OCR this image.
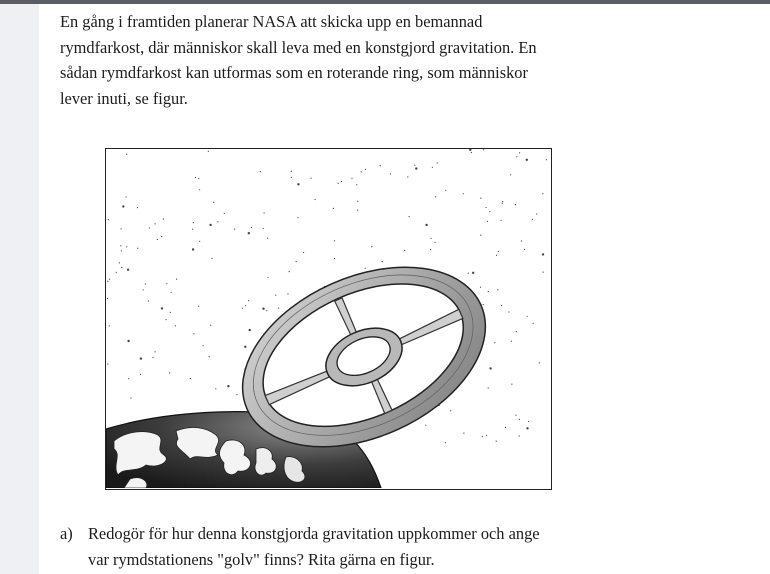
En gång i framtiden planerar NASA att skicka upp en bemannad
rymdfarkost, där människor skall leva med en konstgjord gravitation. En
sådan rymdfarkost kan utformas som en roterande ring, som människor
lever inuti, se figur.

a) Redogör för hur denna konstgjorda gravitation uppkommer och ange
var rymdstationens "golv" finns? Rita gärna en figur.
